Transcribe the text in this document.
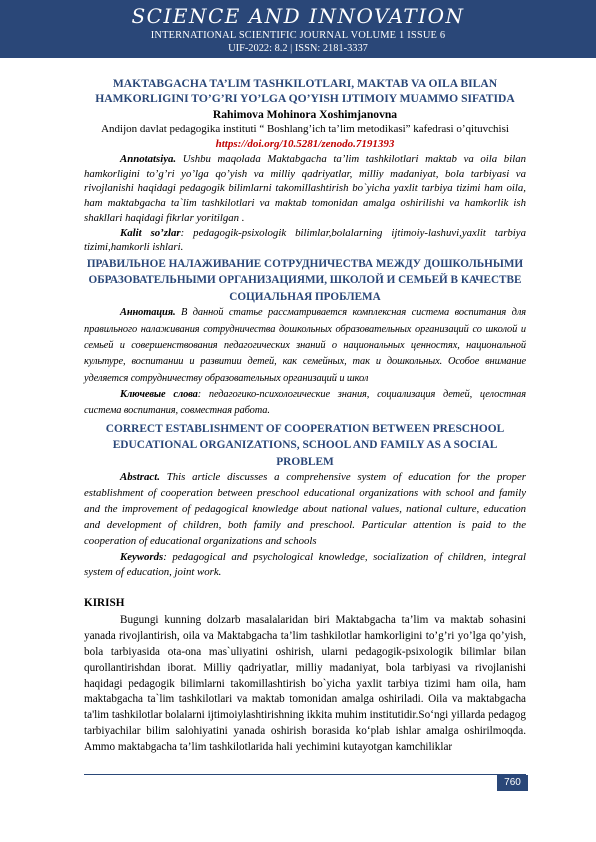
SCIENCE AND INNOVATION
INTERNATIONAL SCIENTIFIC JOURNAL VOLUME 1 ISSUE 6
UIF-2022: 8.2 | ISSN: 2181-3337

MAKTABGACHA TA’LIM TASHKILOTLARI, MAKTAB VA OILA BILAN HAMKORLIGINI TO’G’RI YO’LGA QO’YISH IJTIMOIY MUAMMO SIFATIDA

Rahimova Mohinora Xoshimjanovna

Andijon davlat pedagogika instituti “ Boshlang’ich ta’lim metodikasi” kafedrasi o’qituvchisi

https://doi.org/10.5281/zenodo.7191393

Annotatsiya. Ushbu maqolada Maktabgacha ta’lim tashkilotlari maktab va oila bilan hamkorligini to’g’ri yo’lga qo’yish va milliy qadriyatlar, milliy madaniyat, bola tarbiyasi va rivojlanishi haqidagi pedagogik bilimlarni takomillashtirish bo`yicha yaxlit tarbiya tizimi ham oila, ham maktabgacha ta`lim tashkilotlari va maktab tomonidan amalga oshirilishi va hamkorlik ish shakllari haqidagi fikrlar yoritilgan .

Kalit so’zlar: pedagogik-psixologik bilimlar,bolalarning ijtimoiy-lashuvi,yaxlit tarbiya tizimi,hamkorli ishlari.

ПРАВИЛЬНОЕ НАЛАЖИВАНИЕ СОТРУДНИЧЕСТВА МЕЖДУ ДОШКОЛЬНЫМИ ОБРАЗОВАТЕЛЬНЫМИ ОРГАНИЗАЦИЯМИ, ШКОЛОЙ И СЕМЬЕЙ В КАЧЕСТВЕ СОЦИАЛЬНАЯ ПРОБЛЕМА

Аннотация. В данной статье рассматривается комплексная система воспитания для правильного налаживания сотрудничества дошкольных образовательных организаций со школой и семьей и совершенствования педагогических знаний о национальных ценностях, национальной культуре, воспитании и развитии детей, как семейных, так и дошкольных. Особое внимание уделяется сотрудничеству образовательных организаций и школ

Ключевые слова: педагогико-психологические знания, социализация детей, целостная система воспитания, совместная работа.

CORRECT ESTABLISHMENT OF COOPERATION BETWEEN PRESCHOOL EDUCATIONAL ORGANIZATIONS, SCHOOL AND FAMILY AS A SOCIAL PROBLEM

Abstract. This article discusses a comprehensive system of education for the proper establishment of cooperation between preschool educational organizations with school and family and the improvement of pedagogical knowledge about national values, national culture, education and development of children, both family and preschool. Particular attention is paid to the cooperation of educational organizations and schools

Keywords: pedagogical and psychological knowledge, socialization of children, integral system of education, joint work.

KIRISH

Bugungi kunning dolzarb masalalaridan biri Maktabgacha ta’lim va maktab sohasini yanada rivojlantirish, oila va Maktabgacha ta’lim tashkilotlar hamkorligini to’g’ri yo’lga qo’yish, bola tarbiyasida ota-ona mas`uliyatini oshirish, ularni pedagogik-psixologik bilimlar bilan qurollantirishdan iborat. Milliy qadriyatlar, milliy madaniyat, bola tarbiyasi va rivojlanishi haqidagi pedagogik bilimlarni takomillashtirish bo`yicha yaxlit tarbiya tizimi ham oila, ham maktabgacha ta`lim tashkilotlari va maktab tomonidan amalga oshiriladi. Oila va maktabgacha ta'lim tashkilotlar bolalarni ijtimoiylashtirishning ikkita muhim institutidir.So‘ngi yillarda pedagog tarbiyachilar bilim salohiyatini yanada oshirish borasida ko‘plab ishlar amalga oshirilmoqda. Ammo maktabgacha ta’lim tashkilotlarida hali yechimini kutayotgan kamchiliklar

760
